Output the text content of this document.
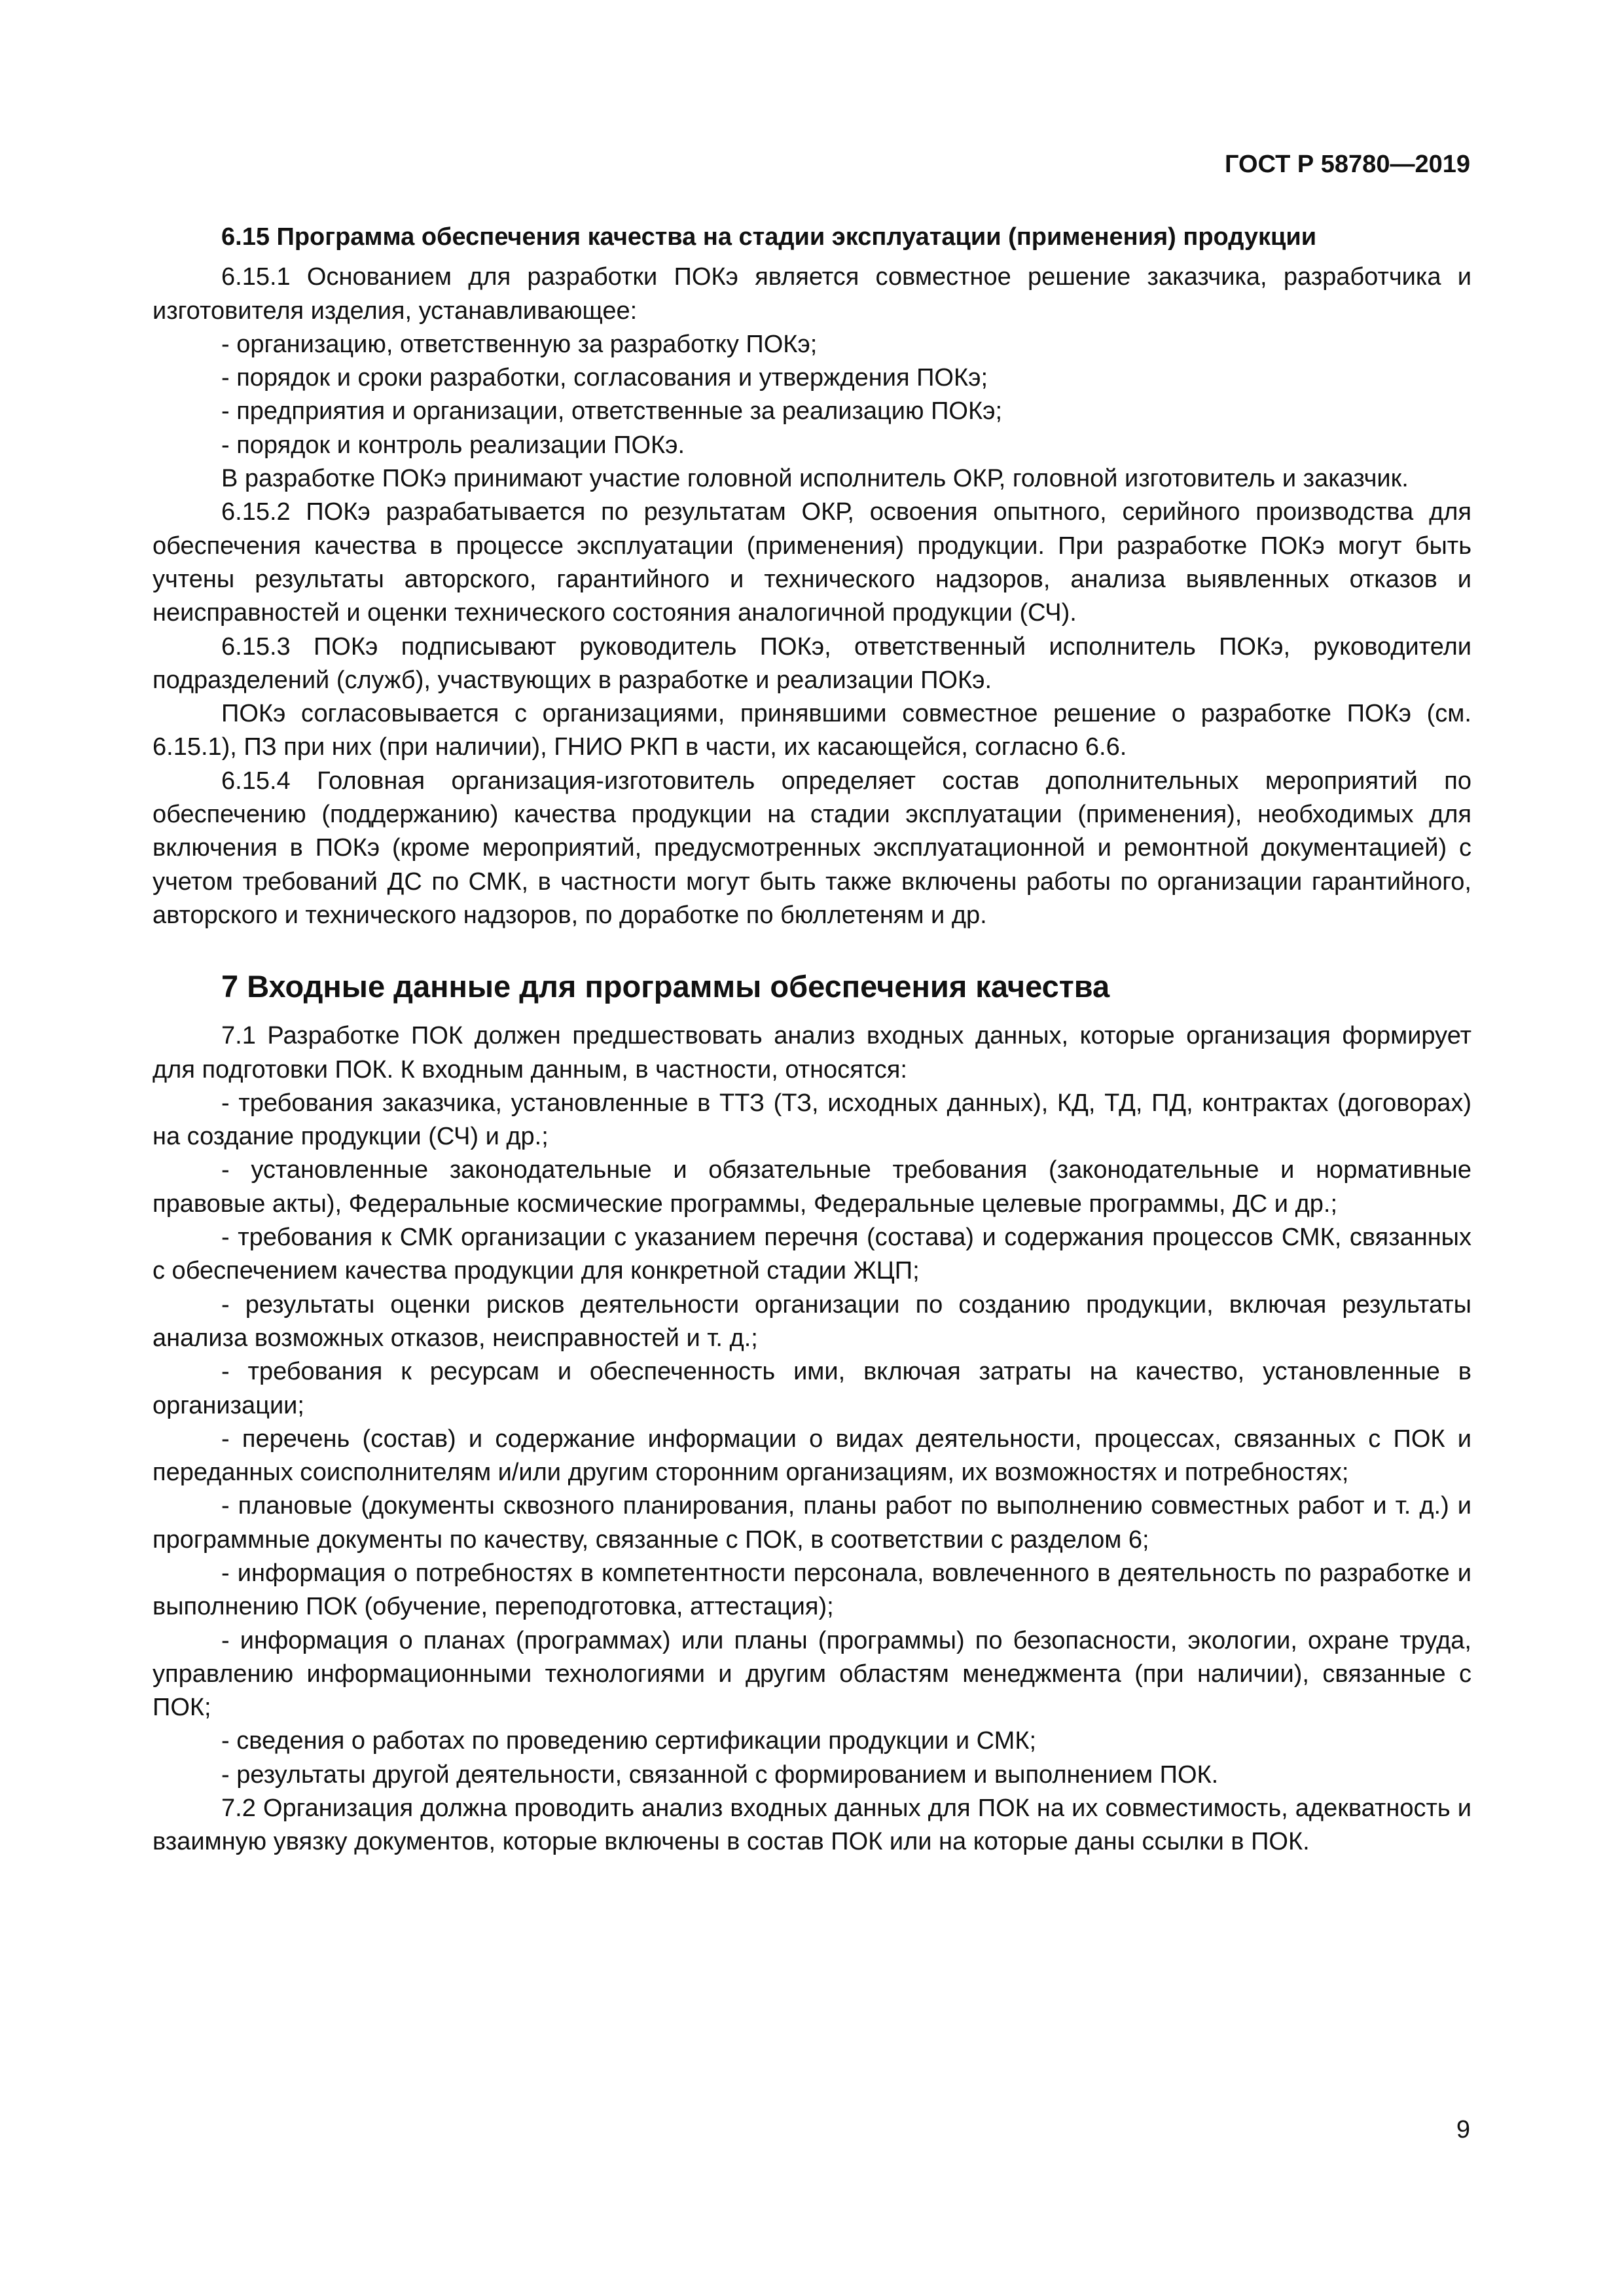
ГОСТ Р 58780—2019
6.15 Программа обеспечения качества на стадии эксплуатации (применения) продукции

6.15.1 Основанием для разработки ПОКэ является совместное решение заказчика, разработчика и изготовителя изделия, устанавливающее:

- организацию, ответственную за разработку ПОКэ;

- порядок и сроки разработки, согласования и утверждения ПОКэ;

- предприятия и организации, ответственные за реализацию ПОКэ;

- порядок и контроль реализации ПОКэ.

В разработке ПОКэ принимают участие головной исполнитель ОКР, головной изготовитель и заказчик.

6.15.2 ПОКэ разрабатывается по результатам ОКР, освоения опытного, серийного производства для обеспечения качества в процессе эксплуатации (применения) продукции. При разработке ПОКэ могут быть учтены результаты авторского, гарантийного и технического надзоров, анализа выявленных отказов и неисправностей и оценки технического состояния аналогичной продукции (СЧ).

6.15.3 ПОКэ подписывают руководитель ПОКэ, ответственный исполнитель ПОКэ, руководители подразделений (служб), участвующих в разработке и реализации ПОКэ.

ПОКэ согласовывается с организациями, принявшими совместное решение о разработке ПОКэ (см. 6.15.1), ПЗ при них (при наличии), ГНИО РКП в части, их касающейся, согласно 6.6.

6.15.4 Головная организация-изготовитель определяет состав дополнительных мероприятий по обеспечению (поддержанию) качества продукции на стадии эксплуатации (применения), необходимых для включения в ПОКэ (кроме мероприятий, предусмотренных эксплуатационной и ремонтной документацией) с учетом требований ДС по СМК, в частности могут быть также включены работы по организации гарантийного, авторского и технического надзоров, по доработке по бюллетеням и др.

7 Входные данные для программы обеспечения качества

7.1 Разработке ПОК должен предшествовать анализ входных данных, которые организация формирует для подготовки ПОК. К входным данным, в частности, относятся:

- требования заказчика, установленные в ТТЗ (ТЗ, исходных данных), КД, ТД, ПД, контрактах (договорах) на создание продукции (СЧ) и др.;

- установленные законодательные и обязательные требования (законодательные и нормативные правовые акты), Федеральные космические программы, Федеральные целевые программы, ДС и др.;

- требования к СМК организации с указанием перечня (состава) и содержания процессов СМК, связанных с обеспечением качества продукции для конкретной стадии ЖЦП;

- результаты оценки рисков деятельности организации по созданию продукции, включая результаты анализа возможных отказов, неисправностей и т. д.;

- требования к ресурсам и обеспеченность ими, включая затраты на качество, установленные в организации;

- перечень (состав) и содержание информации о видах деятельности, процессах, связанных с ПОК и переданных соисполнителям и/или другим сторонним организациям, их возможностях и потребностях;

- плановые (документы сквозного планирования, планы работ по выполнению совместных работ и т. д.) и программные документы по качеству, связанные с ПОК, в соответствии с разделом 6;

- информация о потребностях в компетентности персонала, вовлеченного в деятельность по разработке и выполнению ПОК (обучение, переподготовка, аттестация);

- информация о планах (программах) или планы (программы) по безопасности, экологии, охране труда, управлению информационными технологиями и другим областям менеджмента (при наличии), связанные с ПОК;

- сведения о работах по проведению сертификации продукции и СМК;

- результаты другой деятельности, связанной с формированием и выполнением ПОК.

7.2 Организация должна проводить анализ входных данных для ПОК на их совместимость, адекватность и взаимную увязку документов, которые включены в состав ПОК или на которые даны ссылки в ПОК.

9
